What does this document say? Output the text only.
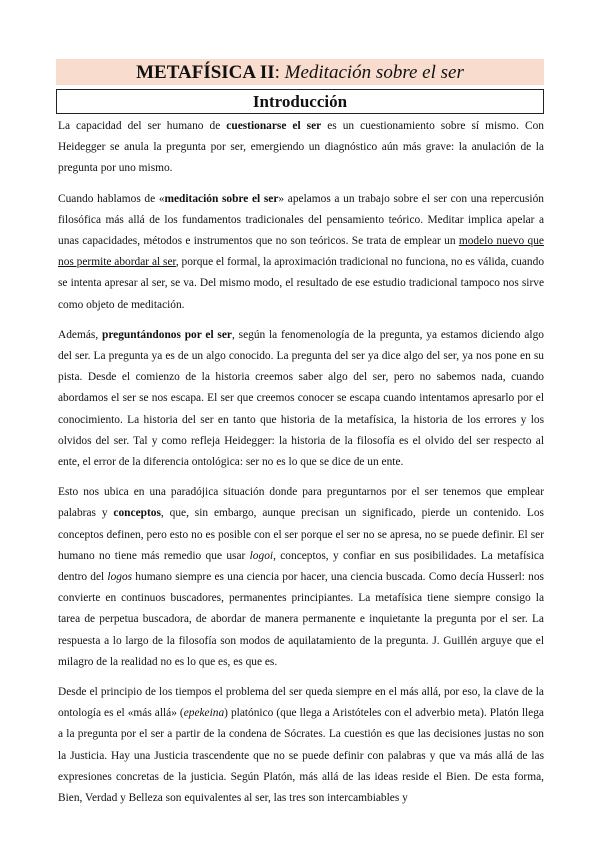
METAFÍSICA II: Meditación sobre el ser
Introducción

La capacidad del ser humano de cuestionarse el ser es un cuestionamiento sobre sí mismo. Con Heidegger se anula la pregunta por ser, emergiendo un diagnóstico aún más grave: la anulación de la pregunta por uno mismo.

Cuando hablamos de «meditación sobre el ser» apelamos a un trabajo sobre el ser con una repercusión filosófica más allá de los fundamentos tradicionales del pensamiento teórico. Meditar implica apelar a unas capacidades, métodos e instrumentos que no son teóricos. Se trata de emplear un modelo nuevo que nos permite abordar al ser, porque el formal, la aproximación tradicional no funciona, no es válida, cuando se intenta apresar al ser, se va. Del mismo modo, el resultado de ese estudio tradicional tampoco nos sirve como objeto de meditación.

Además, preguntándonos por el ser, según la fenomenología de la pregunta, ya estamos diciendo algo del ser. La pregunta ya es de un algo conocido. La pregunta del ser ya dice algo del ser, ya nos pone en su pista. Desde el comienzo de la historia creemos saber algo del ser, pero no sabemos nada, cuando abordamos el ser se nos escapa. El ser que creemos conocer se escapa cuando intentamos apresarlo por el conocimiento. La historia del ser en tanto que historia de la metafísica, la historia de los errores y los olvidos del ser. Tal y como refleja Heidegger: la historia de la filosofía es el olvido del ser respecto al ente, el error de la diferencia ontológica: ser no es lo que se dice de un ente.

Esto nos ubica en una paradójica situación donde para preguntarnos por el ser tenemos que emplear palabras y conceptos, que, sin embargo, aunque precisan un significado, pierde un contenido. Los conceptos definen, pero esto no es posible con el ser porque el ser no se apresa, no se puede definir. El ser humano no tiene más remedio que usar logoi, conceptos, y confiar en sus posibilidades. La metafísica dentro del logos humano siempre es una ciencia por hacer, una ciencia buscada. Como decía Husserl: nos convierte en continuos buscadores, permanentes principiantes. La metafísica tiene siempre consigo la tarea de perpetua buscadora, de abordar de manera permanente e inquietante la pregunta por el ser. La respuesta a lo largo de la filosofía son modos de aquilatamiento de la pregunta. J. Guillén arguye que el milagro de la realidad no es lo que es, es que es.

Desde el principio de los tiempos el problema del ser queda siempre en el más allá, por eso, la clave de la ontología es el «más allá» (epekeina) platónico (que llega a Aristóteles con el adverbio meta). Platón llega a la pregunta por el ser a partir de la condena de Sócrates. La cuestión es que las decisiones justas no son la Justicia. Hay una Justicia trascendente que no se puede definir con palabras y que va más allá de las expresiones concretas de la justicia. Según Platón, más allá de las ideas reside el Bien. De esta forma, Bien, Verdad y Belleza son equivalentes al ser, las tres son intercambiables y
